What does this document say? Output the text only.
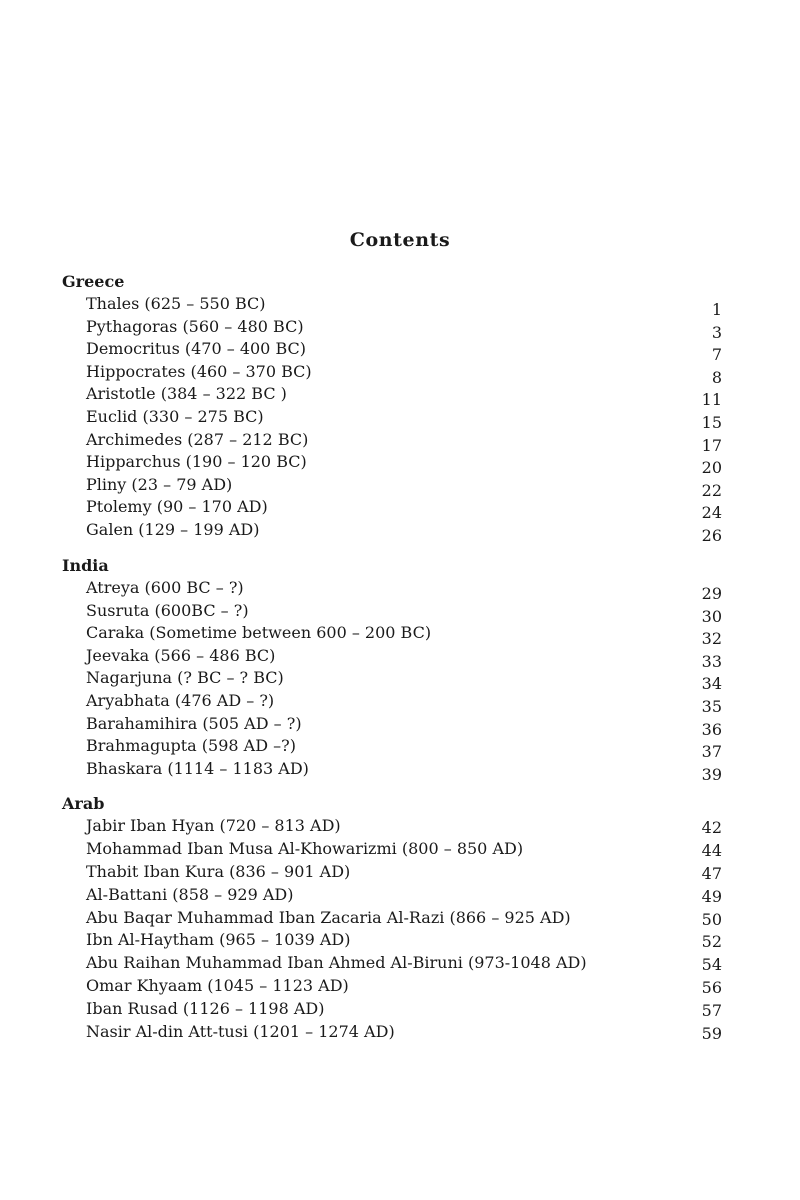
Contents
Greece
Thales (625 – 550 BC)	1
Pythagoras (560 – 480 BC)	3
Democritus (470 – 400 BC)	7
Hippocrates (460 – 370 BC)	8
Aristotle (384 – 322 BC )	11
Euclid (330 – 275 BC)	15
Archimedes (287 – 212 BC)	17
Hipparchus (190 – 120 BC)	20
Pliny (23 – 79 AD)	22
Ptolemy (90 – 170 AD)	24
Galen (129 – 199 AD)	26
India
Atreya (600 BC – ?)	29
Susruta (600BC – ?)	30
Caraka (Sometime between 600 – 200 BC)	32
Jeevaka (566 – 486 BC)	33
Nagarjuna (? BC – ? BC)	34
Aryabhata (476 AD – ?)	35
Barahamihira (505 AD – ?)	36
Brahmagupta (598 AD –?)	37
Bhaskara (1114 – 1183 AD)	39
Arab
Jabir Iban Hyan (720 – 813 AD)	42
Mohammad Iban Musa Al-Khowarizmi (800 – 850 AD)	44
Thabit Iban Kura (836 – 901 AD)	47
Al-Battani (858 – 929 AD)	49
Abu Baqar Muhammad Iban Zacaria Al-Razi (866 – 925 AD)	50
Ibn Al-Haytham (965 – 1039 AD)	52
Abu Raihan Muhammad Iban Ahmed Al-Biruni (973-1048 AD)	54
Omar Khyaam (1045 – 1123 AD)	56
Iban Rusad (1126 – 1198 AD)	57
Nasir Al-din Att-tusi (1201 – 1274 AD)	59
